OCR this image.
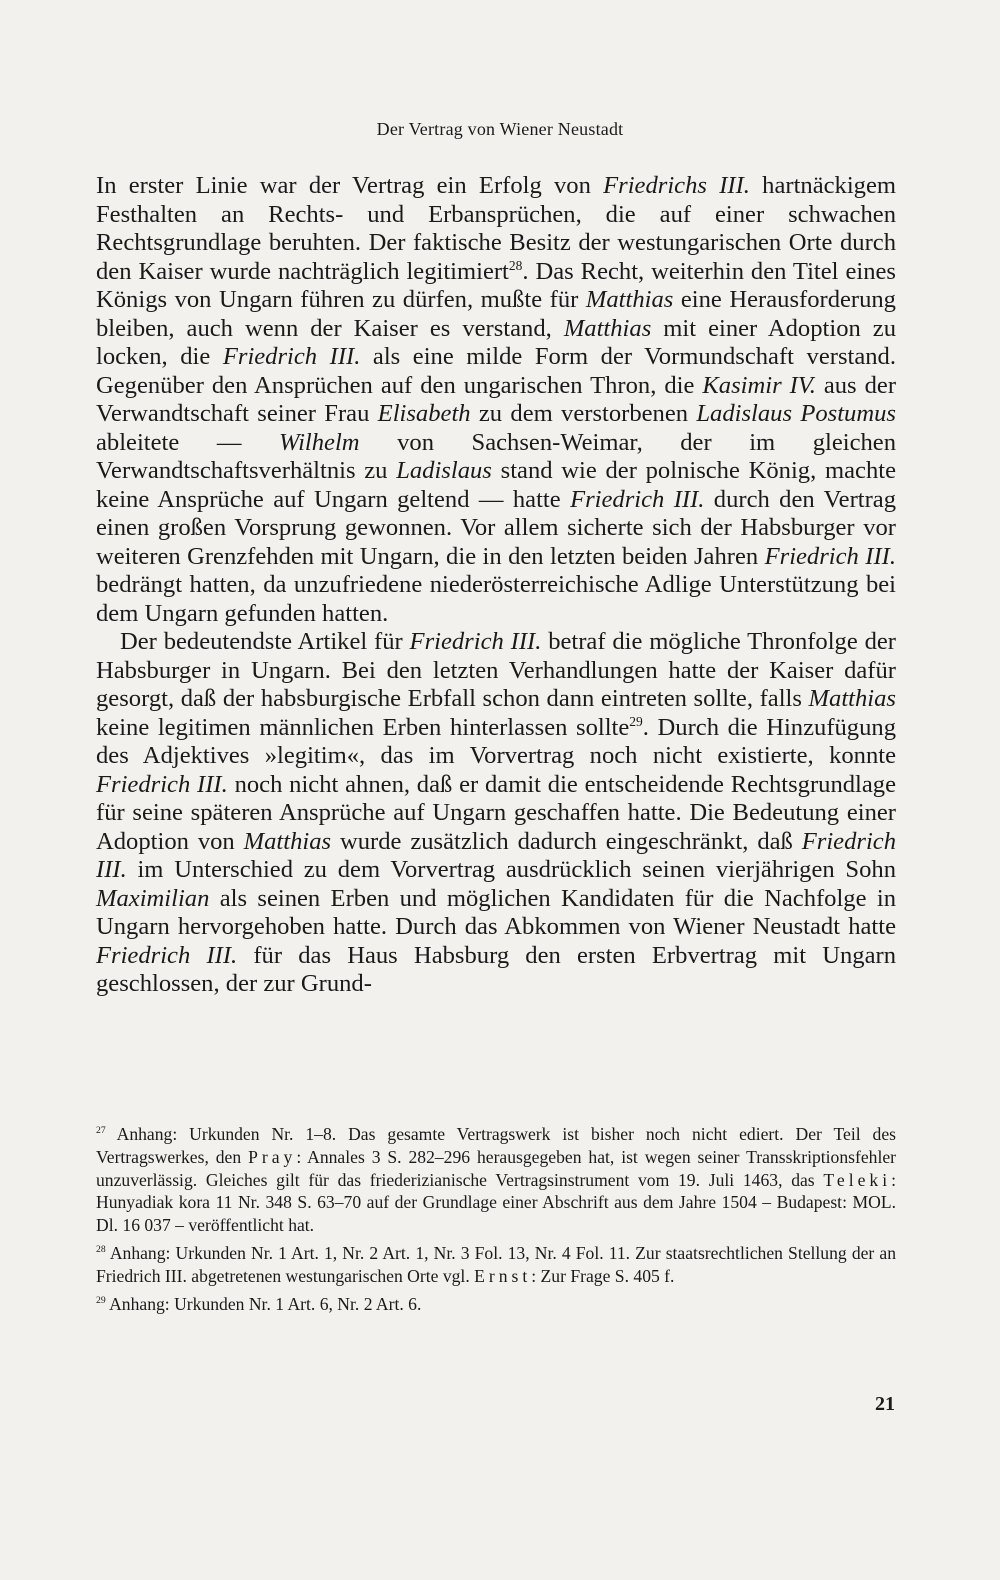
Der Vertrag von Wiener Neustadt

In erster Linie war der Vertrag ein Erfolg von Friedrichs III. hartnäckigem Festhalten an Rechts- und Erbansprüchen, die auf einer schwachen Rechtsgrundlage beruhten. Der faktische Besitz der westungarischen Orte durch den Kaiser wurde nachträglich legitimiert$^{28}$. Das Recht, weiterhin den Titel eines Königs von Ungarn führen zu dürfen, mußte für Matthias eine Herausforderung bleiben, auch wenn der Kaiser es verstand, Matthias mit einer Adoption zu locken, die Friedrich III. als eine milde Form der Vormundschaft verstand. Gegenüber den Ansprüchen auf den ungarischen Thron, die Kasimir IV. aus der Verwandtschaft seiner Frau Elisabeth zu dem verstorbenen Ladislaus Postumus ableitete — Wilhelm von Sachsen-Weimar, der im gleichen Verwandtschaftsverhältnis zu Ladislaus stand wie der polnische König, machte keine Ansprüche auf Ungarn geltend — hatte Friedrich III. durch den Vertrag einen großen Vorsprung gewonnen. Vor allem sicherte sich der Habsburger vor weiteren Grenzfehden mit Ungarn, die in den letzten beiden Jahren Friedrich III. bedrängt hatten, da unzufriedene niederösterreichische Adlige Unterstützung bei dem Ungarn gefunden hatten.

Der bedeutendste Artikel für Friedrich III. betraf die mögliche Thronfolge der Habsburger in Ungarn. Bei den letzten Verhandlungen hatte der Kaiser dafür gesorgt, daß der habsburgische Erbfall schon dann eintreten sollte, falls Matthias keine legitimen männlichen Erben hinterlassen sollte$^{29}$. Durch die Hinzufügung des Adjektives »legitim«, das im Vorvertrag noch nicht existierte, konnte Friedrich III. noch nicht ahnen, daß er damit die entscheidende Rechtsgrundlage für seine späteren Ansprüche auf Ungarn geschaffen hatte. Die Bedeutung einer Adoption von Matthias wurde zusätzlich dadurch eingeschränkt, daß Friedrich III. im Unterschied zu dem Vorvertrag ausdrücklich seinen vierjährigen Sohn Maximilian als seinen Erben und möglichen Kandidaten für die Nachfolge in Ungarn hervorgehoben hatte. Durch das Abkommen von Wiener Neustadt hatte Friedrich III. für das Haus Habsburg den ersten Erbvertrag mit Ungarn geschlossen, der zur Grund-

$^{27}$ Anhang: Urkunden Nr. 1–8. Das gesamte Vertragswerk ist bisher noch nicht ediert. Der Teil des Vertragswerkes, den Pray: Annales 3 S. 282–296 herausgegeben hat, ist wegen seiner Transskriptionsfehler unzuverlässig. Gleiches gilt für das friederizianische Vertragsinstrument vom 19. Juli 1463, das Teleki: Hunyadiak kora 11 Nr. 348 S. 63–70 auf der Grundlage einer Abschrift aus dem Jahre 1504 – Budapest: MOL. Dl. 16 037 – veröffentlicht hat.

$^{28}$ Anhang: Urkunden Nr. 1 Art. 1, Nr. 2 Art. 1, Nr. 3 Fol. 13, Nr. 4 Fol. 11. Zur staatsrechtlichen Stellung der an Friedrich III. abgetretenen westungarischen Orte vgl. Ernst: Zur Frage S. 405 f.

$^{29}$ Anhang: Urkunden Nr. 1 Art. 6, Nr. 2 Art. 6.

21
